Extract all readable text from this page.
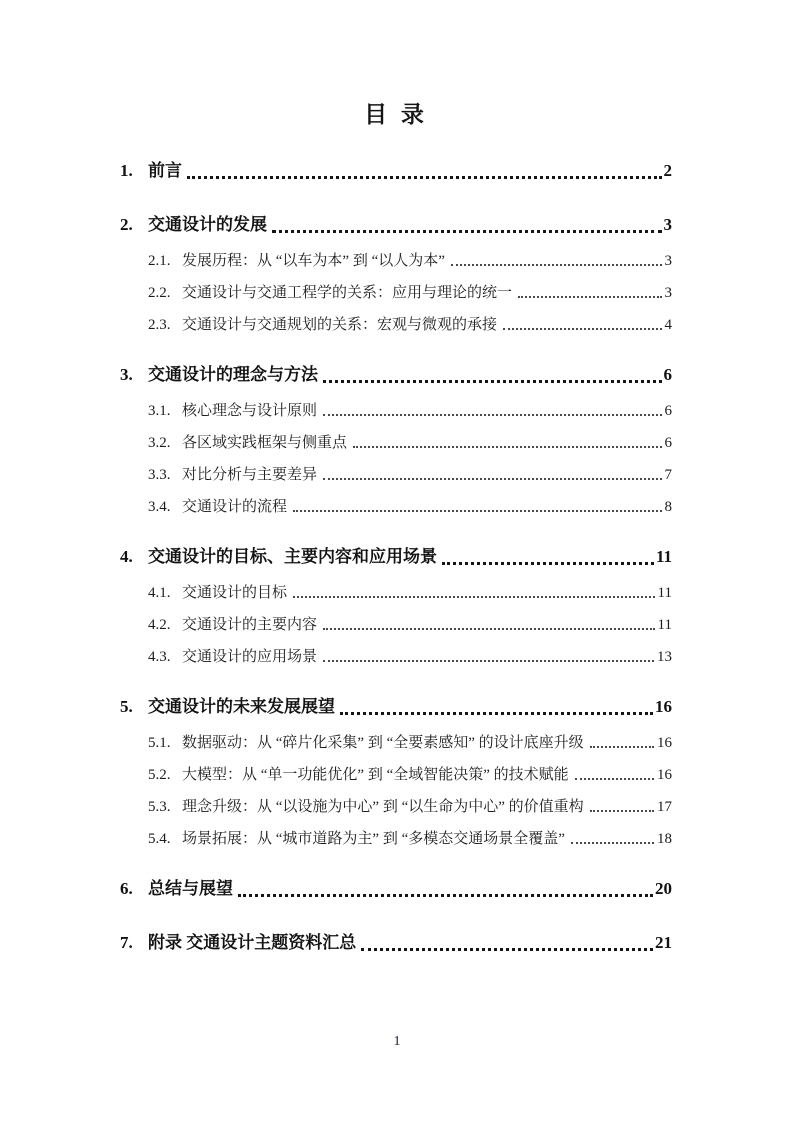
目 录
1. 前言	2
2. 交通设计的发展	3
2.1. 发展历程：从 “以车为本” 到 “以人为本”	3
2.2. 交通设计与交通工程学的关系：应用与理论的统一	3
2.3. 交通设计与交通规划的关系：宏观与微观的承接	4
3. 交通设计的理念与方法	6
3.1. 核心理念与设计原则	6
3.2. 各区域实践框架与侧重点	6
3.3. 对比分析与主要差异	7
3.4. 交通设计的流程	8
4. 交通设计的目标、主要内容和应用场景	11
4.1. 交通设计的目标	11
4.2. 交通设计的主要内容	11
4.3. 交通设计的应用场景	13
5. 交通设计的未来发展展望	16
5.1. 数据驱动：从 “碎片化采集” 到 “全要素感知” 的设计底座升级	16
5.2. 大模型：从 “单一功能优化” 到 “全域智能决策” 的技术赋能	16
5.3. 理念升级：从 “以设施为中心” 到 “以生命为中心” 的价值重构	17
5.4. 场景拓展：从 “城市道路为主” 到 “多模态交通场景全覆盖”	18
6. 总结与展望	20
7. 附录 交通设计主题资料汇总	21
1
